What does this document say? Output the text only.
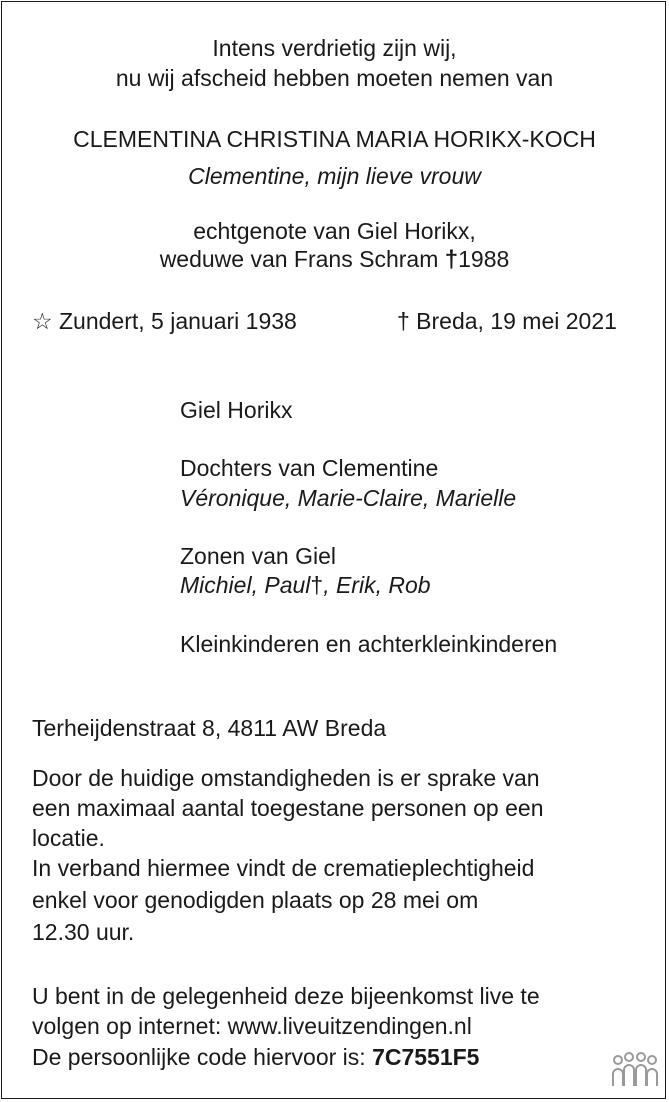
Intens verdrietig zijn wij,
nu wij afscheid hebben moeten nemen van
CLEMENTINA CHRISTINA MARIA HORIKX-KOCH
Clementine, mijn lieve vrouw
echtgenote van Giel Horikx,
weduwe van Frans Schram †1988
☆ Zundert, 5 januari 1938	† Breda, 19 mei 2021
Giel Horikx
Dochters van Clementine
Véronique, Marie-Claire, Marielle
Zonen van Giel
Michiel, Paul†, Erik, Rob
Kleinkinderen en achterkleinkinderen
Terheijdenstraat 8, 4811 AW Breda
Door de huidige omstandigheden is er sprake van
een maximaal aantal toegestane personen op een
locatie.
In verband hiermee vindt de crematieplechtigheid
enkel voor genodigden plaats op 28 mei om
12.30 uur.
U bent in de gelegenheid deze bijeenkomst live te
volgen op internet: www.liveuitzendingen.nl
De persoonlijke code hiervoor is: 7C7551F5
